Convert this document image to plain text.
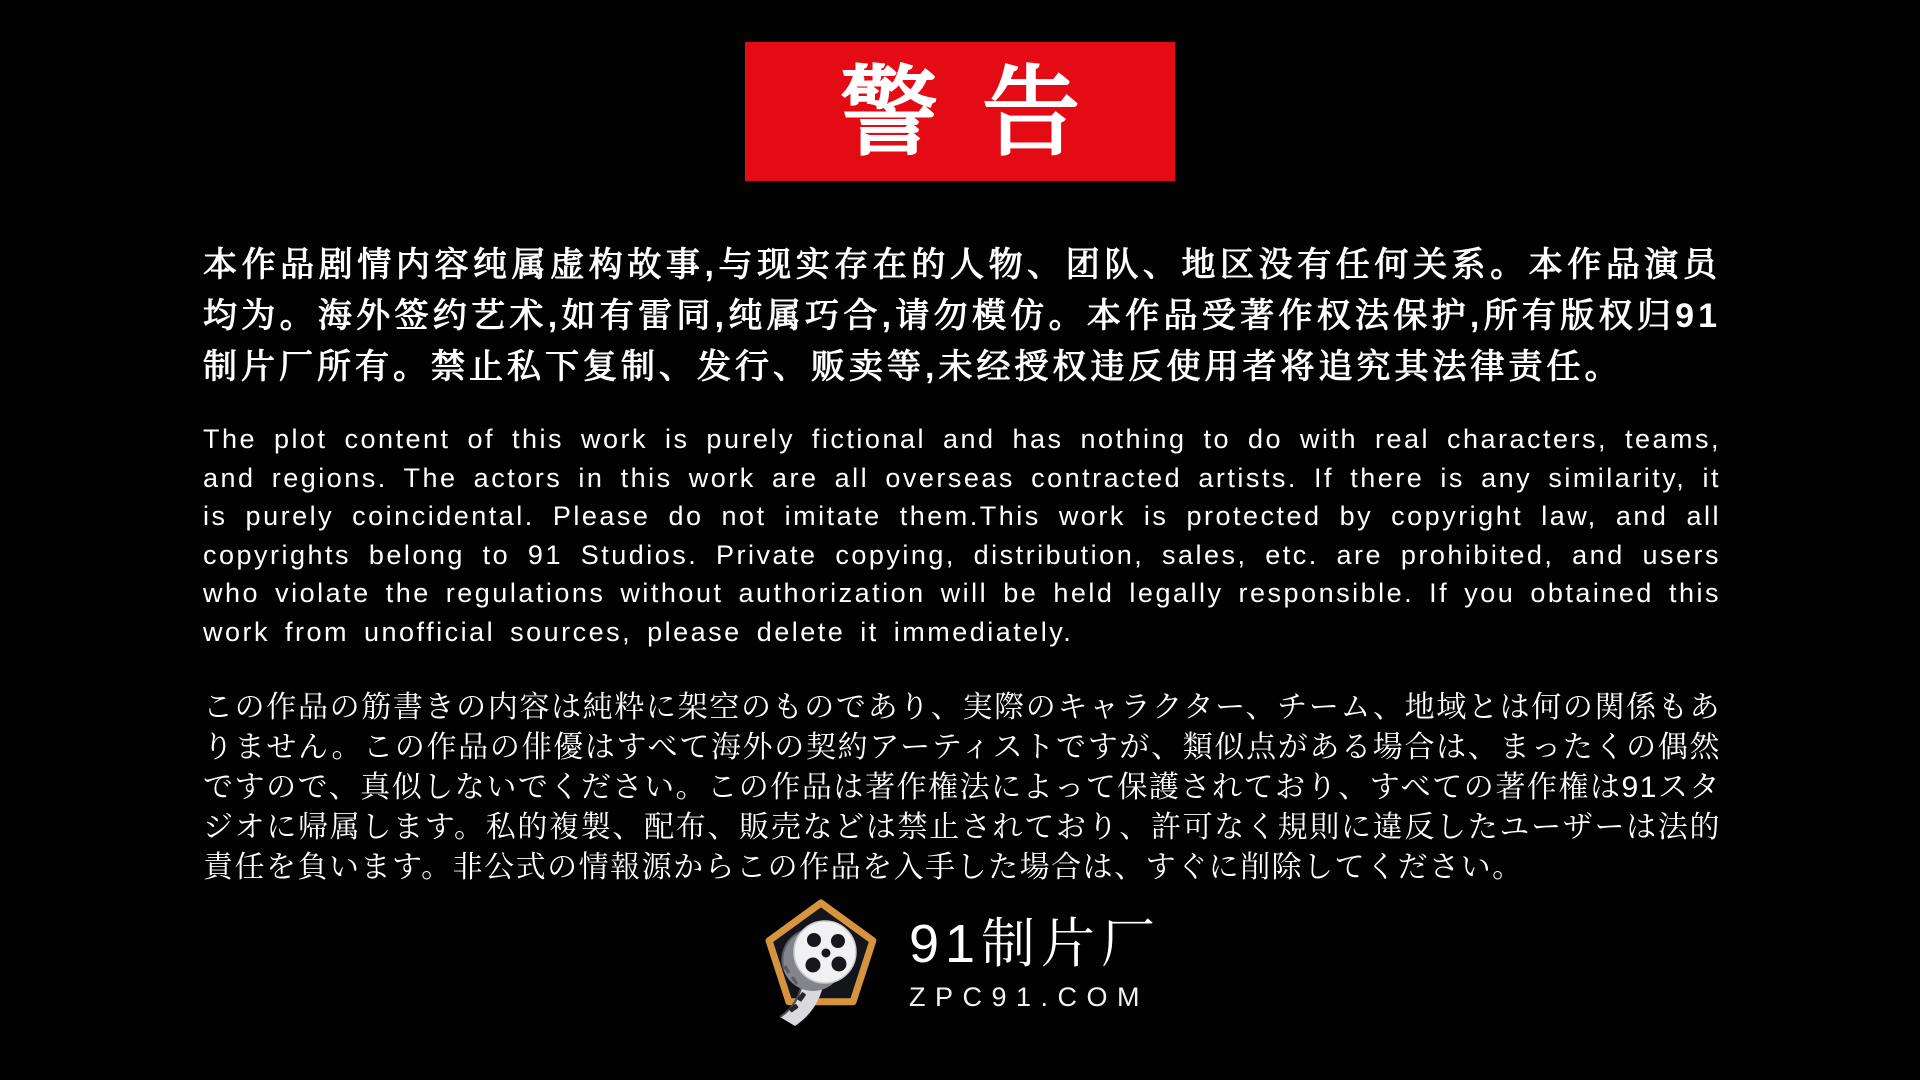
警告

本作品剧情内容纯属虚构故事,与现实存在的人物、团队、地区没有任何关系。本作品演员均为。海外签约艺术,如有雷同,纯属巧合,请勿模仿。本作品受著作权法保护,所有版权归91制片厂所有。禁止私下复制、发行、贩卖等,未经授权违反使用者将追究其法律责任。

The plot content of this work is purely fictional and has nothing to do with real characters, teams, and regions. The actors in this work are all overseas contracted artists. If there is any similarity, it is purely coincidental. Please do not imitate them.This work is protected by copyright law, and all copyrights belong to 91 Studios. Private copying, distribution, sales, etc. are prohibited, and users who violate the regulations without authorization will be held legally responsible. If you obtained this work from unofficial sources, please delete it immediately.

この作品の筋書きの内容は純粋に架空のものであり、実際のキャラクター、チーム、地域とは何の関係もありません。この作品の俳優はすべて海外の契約アーティストですが、類似点がある場合は、まったくの偶然ですので、真似しないでください。この作品は著作権法によって保護されており、すべての著作権は91スタジオに帰属します。私的複製、配布、販売などは禁止されており、許可なく規則に違反したユーザーは法的責任を負います。非公式の情報源からこの作品を入手した場合は、すぐに削除してください。

91制片厂
ZPC91.COM
